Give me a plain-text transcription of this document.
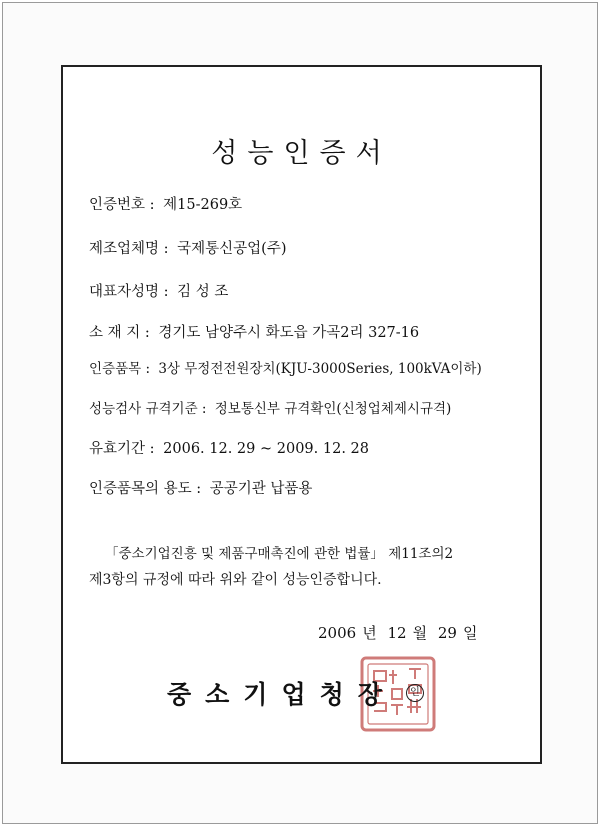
성능인증서
인증번호 : 제15-269호
제조업체명 : 국제통신공업(주)
대표자성명 : 김 성 조
소 재 지 : 경기도 남양주시 화도읍 가곡2리 327-16
인증품목 : 3상 무정전전원장치(KJU-3000Series, 100kVA이하)
성능검사 규격기준 : 정보통신부 규격확인(신청업체제시규격)
유효기간 : 2006. 12. 29 ~ 2009. 12. 28
인증품목의 용도 : 공공기관 납품용
「중소기업진흥 및 제품구매촉진에 관한 법률」 제11조의2
제3항의 규정에 따라 위와 같이 성능인증합니다.
2006 년 12 월 29 일
중소기업청장	인
